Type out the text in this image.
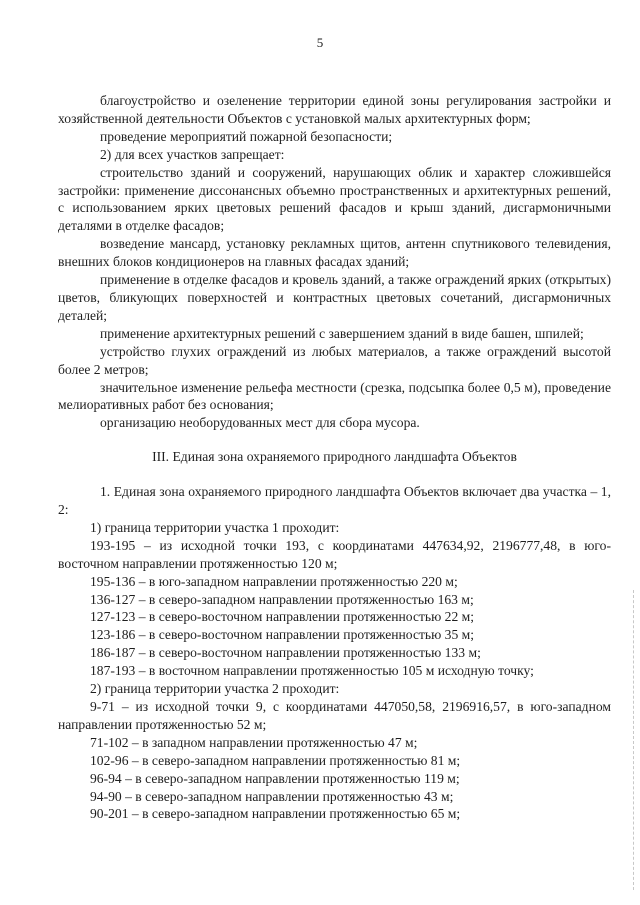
5

благоустройство и озеленение территории единой зоны регулирования застройки и хозяйственной деятельности Объектов с установкой малых архитектурных форм;

проведение мероприятий пожарной безопасности;

2) для всех участков запрещает:

строительство зданий и сооружений, нарушающих облик и характер сложившейся застройки: применение диссонансных объемно пространственных и архитектурных решений, с использованием ярких цветовых решений фасадов и крыш зданий, дисгармоничными деталями в отделке фасадов;

возведение мансард, установку рекламных щитов, антенн спутникового телевидения, внешних блоков кондиционеров на главных фасадах зданий;

применение в отделке фасадов и кровель зданий, а также ограждений ярких (открытых) цветов, бликующих поверхностей и контрастных цветовых сочетаний, дисгармоничных деталей;

применение архитектурных решений с завершением зданий в виде башен, шпилей;

устройство глухих ограждений из любых материалов, а также ограждений высотой более 2 метров;

значительное изменение рельефа местности (срезка, подсыпка более 0,5 м), проведение мелиоративных работ без основания;

организацию необорудованных мест для сбора мусора.

III. Единая зона охраняемого природного ландшафта Объектов

1. Единая зона охраняемого природного ландшафта Объектов включает два участка – 1, 2:

1) граница территории участка 1 проходит:

193-195 – из исходной точки 193, с координатами 447634,92, 2196777,48, в юго-восточном направлении протяженностью 120 м;

195-136 – в юго-западном направлении протяженностью 220 м;

136-127 – в северо-западном направлении протяженностью 163 м;

127-123 – в северо-восточном направлении протяженностью 22 м;

123-186 – в северо-восточном направлении протяженностью 35 м;

186-187 – в северо-восточном направлении протяженностью 133 м;

187-193 – в восточном направлении протяженностью 105 м исходную точку;

2) граница территории участка 2 проходит:

9-71 – из исходной точки 9, с координатами 447050,58, 2196916,57, в юго-западном направлении протяженностью 52 м;

71-102 – в западном направлении протяженностью 47 м;

102-96 – в северо-западном направлении протяженностью 81 м;

96-94 – в северо-западном направлении протяженностью 119 м;

94-90 – в северо-западном направлении протяженностью 43 м;

90-201 – в северо-западном направлении протяженностью 65 м;
